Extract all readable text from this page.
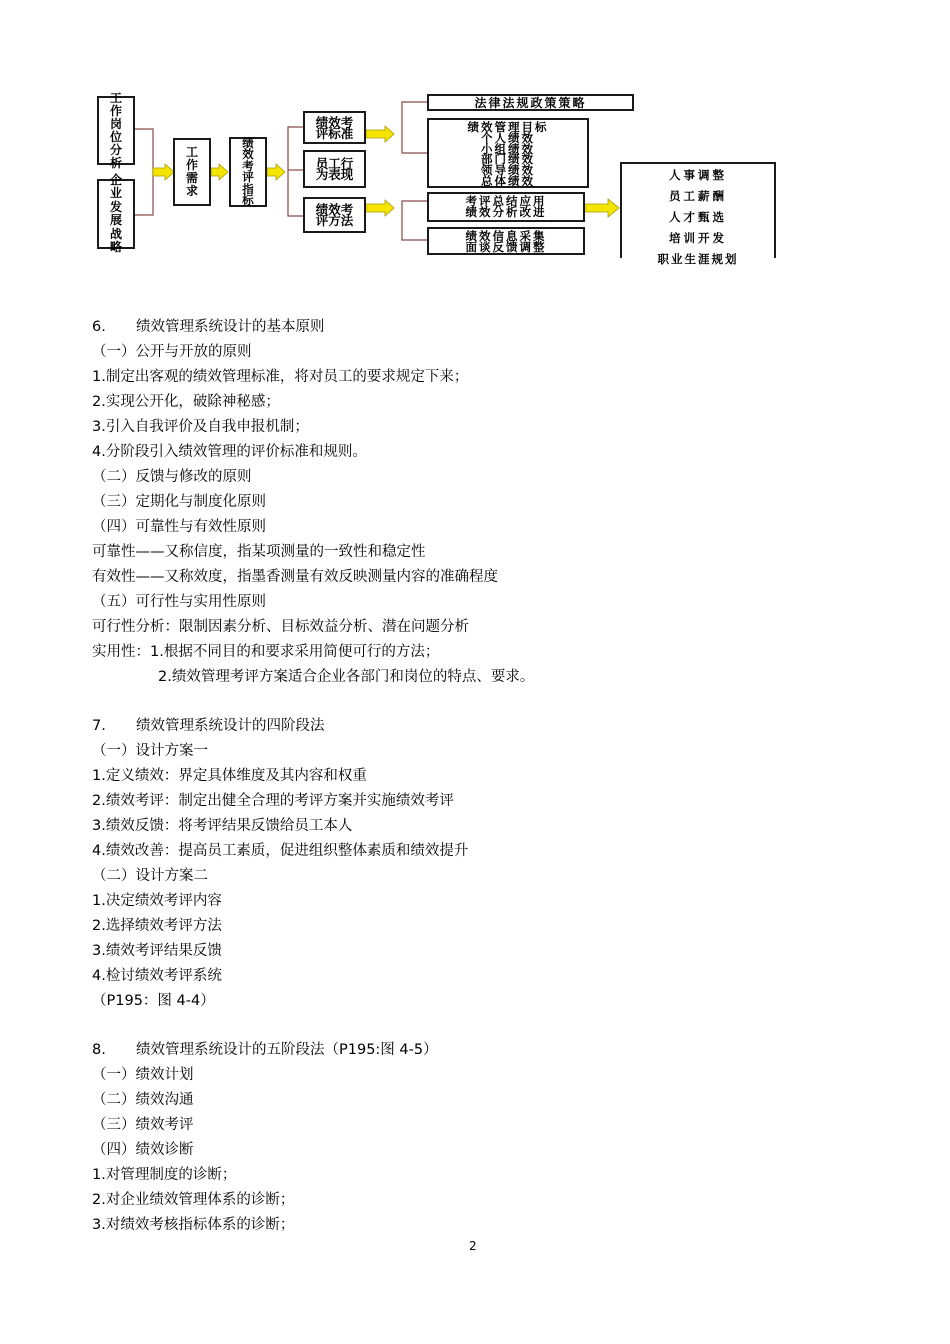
工作岗位分析
企业发展战略
工作需求
绩效考评指标
绩效考评标准
员工行为表现
绩效考评方法
法律法规政策策略
绩效管理目标
个人绩效
小组绩效
部门绩效
领导绩效
总体绩效
考评总结应用
绩效分析改进
绩效信息采集
面谈反馈调整
人事调整
员工薪酬
人才甄选
培训开发
职业生涯规划
6. 绩效管理系统设计的基本原则
（一）公开与开放的原则
1.制定出客观的绩效管理标准，将对员工的要求规定下来；
2.实现公开化，破除神秘感；
3.引入自我评价及自我申报机制；
4.分阶段引入绩效管理的评价标准和规则。
（二）反馈与修改的原则
（三）定期化与制度化原则
（四）可靠性与有效性原则
可靠性——又称信度，指某项测量的一致性和稳定性
有效性——又称效度，指墨香测量有效反映测量内容的准确程度
（五）可行性与实用性原则
可行性分析：限制因素分析、目标效益分析、潜在问题分析
实用性：1.根据不同目的和要求采用简便可行的方法；
2.绩效管理考评方案适合企业各部门和岗位的特点、要求。
7. 绩效管理系统设计的四阶段法
（一）设计方案一
1.定义绩效：界定具体维度及其内容和权重
2.绩效考评：制定出健全合理的考评方案并实施绩效考评
3.绩效反馈：将考评结果反馈给员工本人
4.绩效改善：提高员工素质，促进组织整体素质和绩效提升
（二）设计方案二
1.决定绩效考评内容
2.选择绩效考评方法
3.绩效考评结果反馈
4.检讨绩效考评系统
（P195：图 4-4）
8. 绩效管理系统设计的五阶段法（P195:图 4-5）
（一）绩效计划
（二）绩效沟通
（三）绩效考评
（四）绩效诊断
1.对管理制度的诊断；
2.对企业绩效管理体系的诊断；
3.对绩效考核指标体系的诊断；
2
